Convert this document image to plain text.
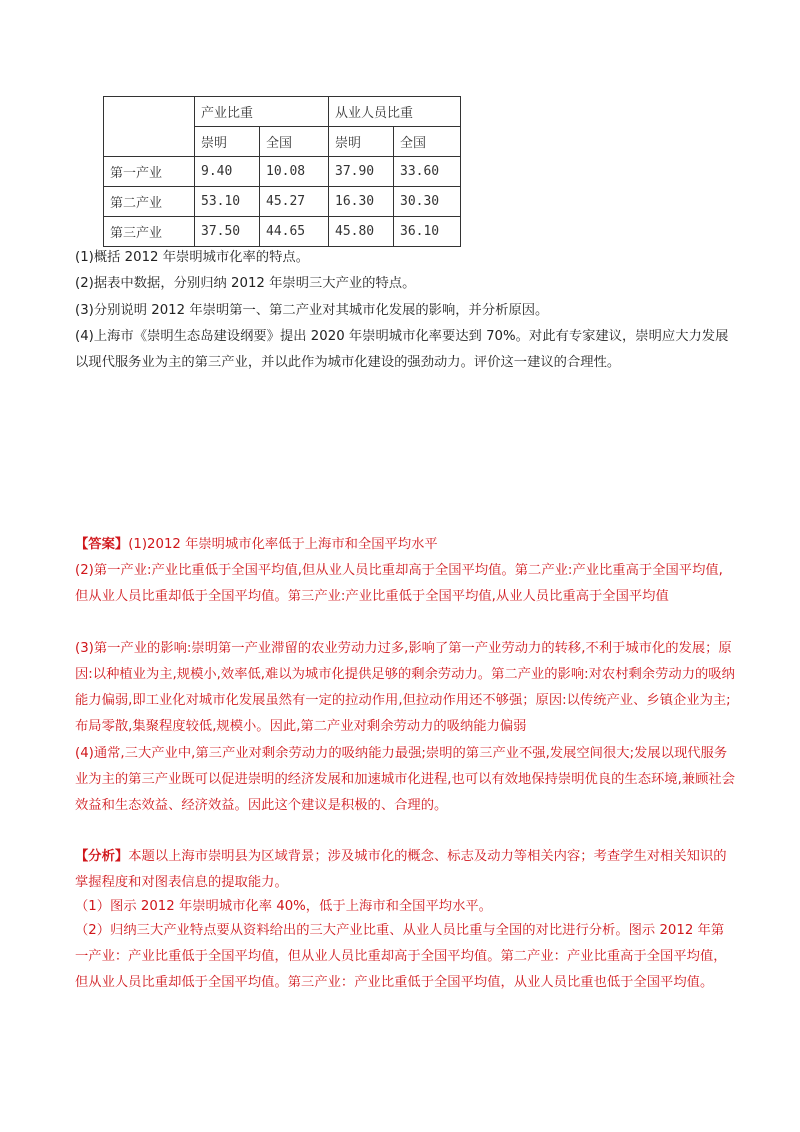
	产业比重		从业人员比重	
	崇明	全国	崇明	全国
第一产业	9.40	10.08	37.90	33.60
第二产业	53.10	45.27	16.30	30.30
第三产业	37.50	44.65	45.80	36.10

(1)概括 2012 年崇明城市化率的特点。

(2)据表中数据，分别归纳 2012 年崇明三大产业的特点。

(3)分别说明 2012 年崇明第一、第二产业对其城市化发展的影响，并分析原因。

(4)上海市《崇明生态岛建设纲要》提出 2020 年崇明城市化率要达到 70%。对此有专家建议，崇明应大力发展以现代服务业为主的第三产业，并以此作为城市化建设的强劲动力。评价这一建议的合理性。

【答案】(1)2012 年崇明城市化率低于上海市和全国平均水平

(2)第一产业:产业比重低于全国平均值,但从业人员比重却高于全国平均值。第二产业:产业比重高于全国平均值,但从业人员比重却低于全国平均值。第三产业:产业比重低于全国平均值,从业人员比重高于全国平均值

(3)第一产业的影响:崇明第一产业滞留的农业劳动力过多,影响了第一产业劳动力的转移,不利于城市化的发展；原因:以种植业为主,规模小,效率低,难以为城市化提供足够的剩余劳动力。第二产业的影响:对农村剩余劳动力的吸纳能力偏弱,即工业化对城市化发展虽然有一定的拉动作用,但拉动作用还不够强；原因:以传统产业、乡镇企业为主;布局零散,集聚程度较低,规模小。因此,第二产业对剩余劳动力的吸纳能力偏弱

(4)通常,三大产业中,第三产业对剩余劳动力的吸纳能力最强;崇明的第三产业不强,发展空间很大;发展以现代服务业为主的第三产业既可以促进崇明的经济发展和加速城市化进程,也可以有效地保持崇明优良的生态环境,兼顾社会效益和生态效益、经济效益。因此这个建议是积极的、合理的。

【分析】本题以上海市崇明县为区域背景；涉及城市化的概念、标志及动力等相关内容；考查学生对相关知识的掌握程度和对图表信息的提取能力。

（1）图示 2012 年崇明城市化率 40%，低于上海市和全国平均水平。

（2）归纳三大产业特点要从资料给出的三大产业比重、从业人员比重与全国的对比进行分析。图示 2012 年第一产业：产业比重低于全国平均值，但从业人员比重却高于全国平均值。第二产业：产业比重高于全国平均值，但从业人员比重却低于全国平均值。第三产业：产业比重低于全国平均值，从业人员比重也低于全国平均值。
